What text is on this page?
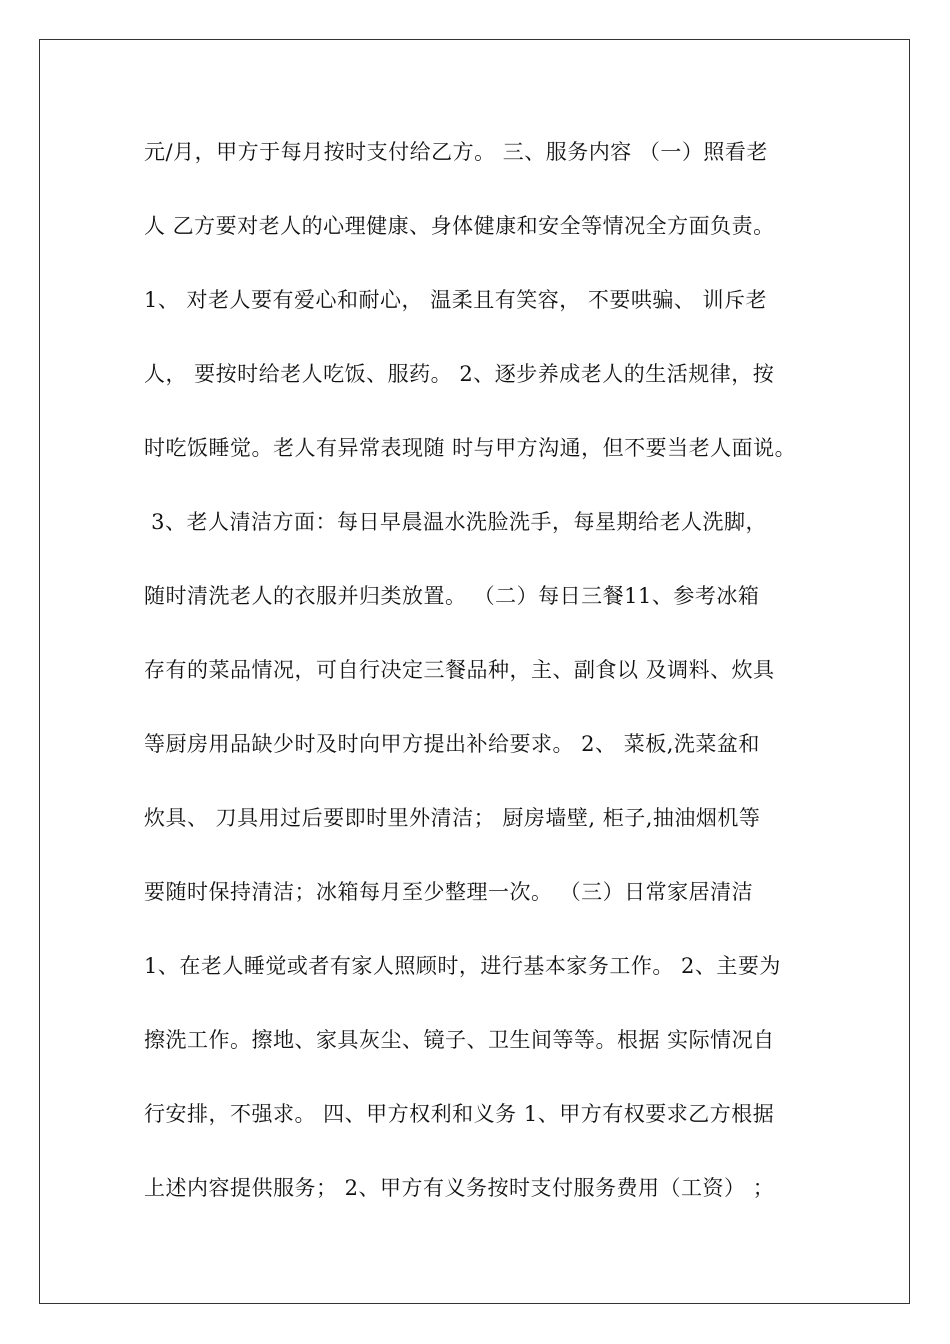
元/月，甲方于每月按时支付给乙方。 三、服务内容 （一）照看老
人 乙方要对老人的心理健康、身体健康和安全等情况全方面负责。
1、 对老人要有爱心和耐心， 温柔且有笑容， 不要哄骗、 训斥老
人， 要按时给老人吃饭、服药。 2、逐步养成老人的生活规律，按
时吃饭睡觉。老人有异常表现随 时与甲方沟通，但不要当老人面说。
3、老人清洁方面：每日早晨温水洗脸洗手，每星期给老人洗脚，
随时清洗老人的衣服并归类放置。 （二）每日三餐11、参考冰箱
存有的菜品情况，可自行决定三餐品种，主、副食以 及调料、炊具
等厨房用品缺少时及时向甲方提出补给要求。 2、 菜板,洗菜盆和
炊具、 刀具用过后要即时里外清洁； 厨房墙壁, 柜子,抽油烟机等
要随时保持清洁；冰箱每月至少整理一次。 （三）日常家居清洁
1、在老人睡觉或者有家人照顾时，进行基本家务工作。 2、主要为
擦洗工作。擦地、家具灰尘、镜子、卫生间等等。根据 实际情况自
行安排，不强求。 四、甲方权利和义务 1、甲方有权要求乙方根据
上述内容提供服务； 2、甲方有义务按时支付服务费用（工资） ；
